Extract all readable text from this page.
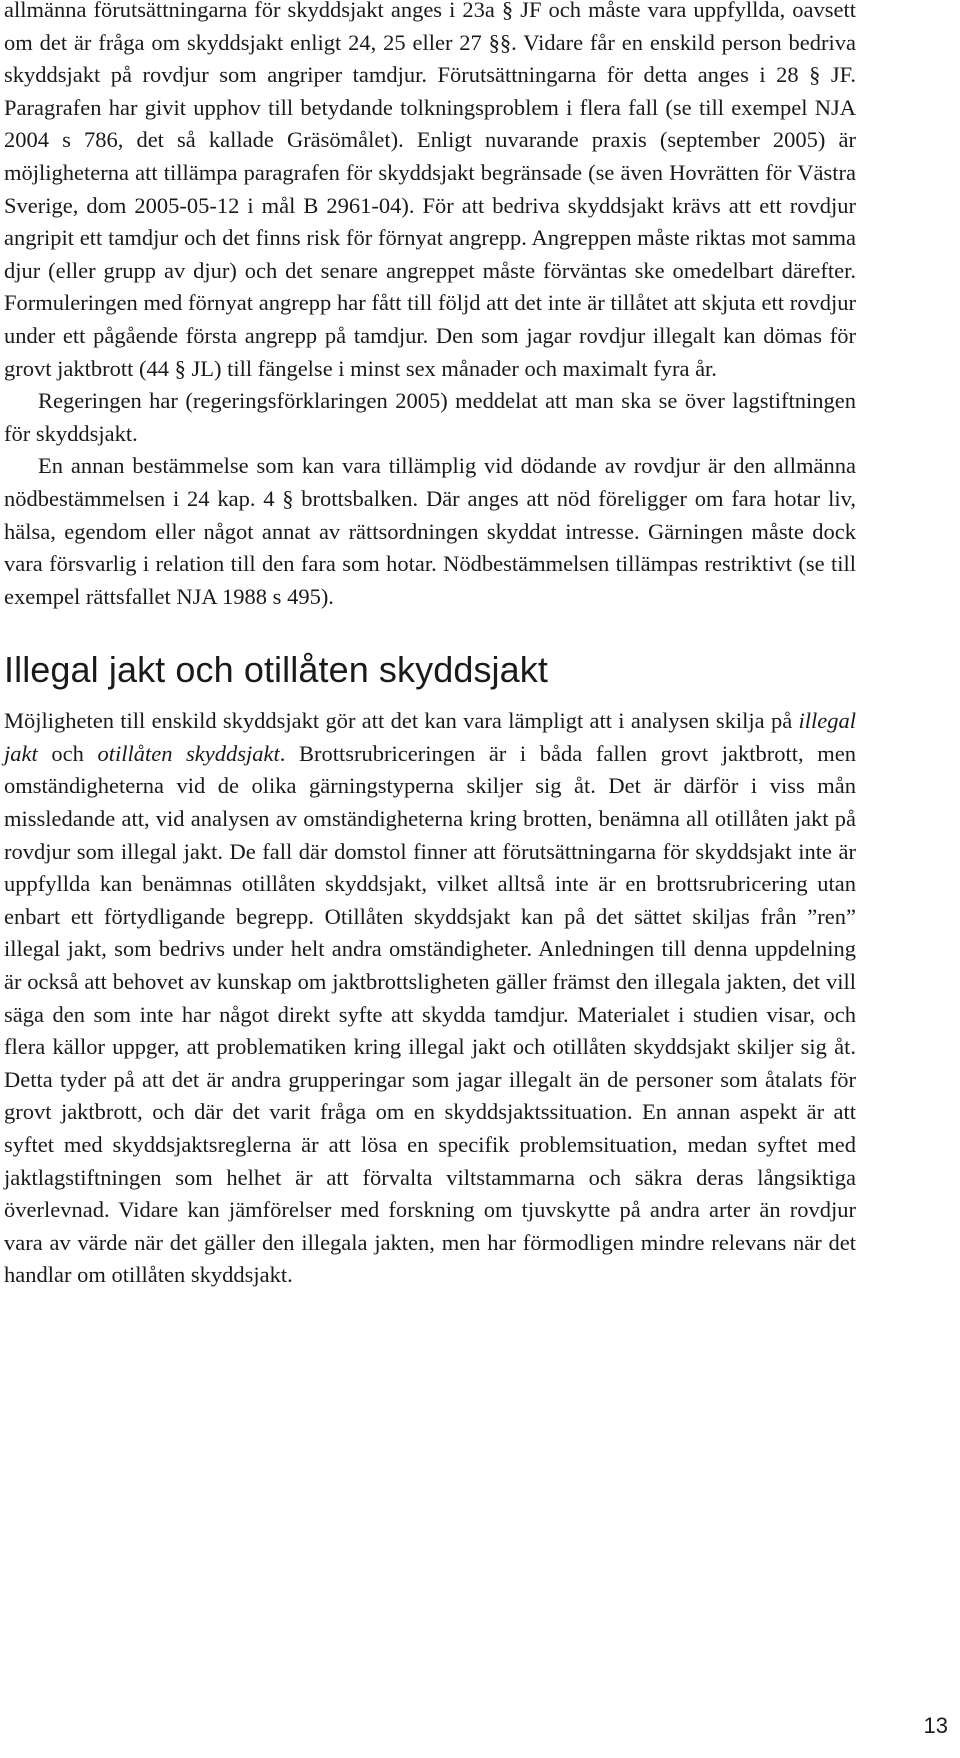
allmänna förutsättningarna för skyddsjakt anges i 23a § JF och måste vara uppfyllda, oavsett om det är fråga om skyddsjakt enligt 24, 25 eller 27 §§. Vidare får en enskild person bedriva skyddsjakt på rovdjur som angriper tamdjur. Förutsättningarna för detta anges i 28 § JF. Paragrafen har givit upphov till betydande tolkningsproblem i flera fall (se till exempel NJA 2004 s 786, det så kallade Gräsömålet). Enligt nuvarande praxis (september 2005) är möjligheterna att tillämpa paragrafen för skyddsjakt begränsade (se även Hovrätten för Västra Sverige, dom 2005-05-12 i mål B 2961-04). För att bedriva skyddsjakt krävs att ett rovdjur angripit ett tamdjur och det finns risk för förnyat angrepp. Angreppen måste riktas mot samma djur (eller grupp av djur) och det senare angreppet måste förväntas ske omedelbart därefter. Formuleringen med förnyat angrepp har fått till följd att det inte är tillåtet att skjuta ett rovdjur under ett pågående första angrepp på tamdjur. Den som jagar rovdjur illegalt kan dömas för grovt jaktbrott (44 § JL) till fängelse i minst sex månader och maximalt fyra år.

Regeringen har (regeringsförklaringen 2005) meddelat att man ska se över lagstiftningen för skyddsjakt.

En annan bestämmelse som kan vara tillämplig vid dödande av rovdjur är den allmänna nödbestämmelsen i 24 kap. 4 § brottsbalken. Där anges att nöd föreligger om fara hotar liv, hälsa, egendom eller något annat av rättsordningen skyddat intresse. Gärningen måste dock vara försvarlig i relation till den fara som hotar. Nödbestämmelsen tillämpas restriktivt (se till exempel rättsfallet NJA 1988 s 495).

Illegal jakt och otillåten skyddsjakt

Möjligheten till enskild skyddsjakt gör att det kan vara lämpligt att i analysen skilja på illegal jakt och otillåten skyddsjakt. Brottsrubriceringen är i båda fallen grovt jaktbrott, men omständigheterna vid de olika gärningstyperna skiljer sig åt. Det är därför i viss mån missledande att, vid analysen av omständigheterna kring brotten, benämna all otillåten jakt på rovdjur som illegal jakt. De fall där domstol finner att förutsättningarna för skyddsjakt inte är uppfyllda kan benämnas otillåten skyddsjakt, vilket alltså inte är en brottsrubricering utan enbart ett förtydligande begrepp. Otillåten skyddsjakt kan på det sättet skiljas från ”ren” illegal jakt, som bedrivs under helt andra omständigheter. Anledningen till denna uppdelning är också att behovet av kunskap om jaktbrottsligheten gäller främst den illegala jakten, det vill säga den som inte har något direkt syfte att skydda tamdjur. Materialet i studien visar, och flera källor uppger, att problematiken kring illegal jakt och otillåten skyddsjakt skiljer sig åt. Detta tyder på att det är andra grupperingar som jagar illegalt än de personer som åtalats för grovt jaktbrott, och där det varit fråga om en skyddsjaktssituation. En annan aspekt är att syftet med skyddsjaktsreglerna är att lösa en specifik problemsituation, medan syftet med jaktlagstiftningen som helhet är att förvalta viltstammarna och säkra deras långsiktiga överlevnad. Vidare kan jämförelser med forskning om tjuvskytte på andra arter än rovdjur vara av värde när det gäller den illegala jakten, men har förmodligen mindre relevans när det handlar om otillåten skyddsjakt.

13
